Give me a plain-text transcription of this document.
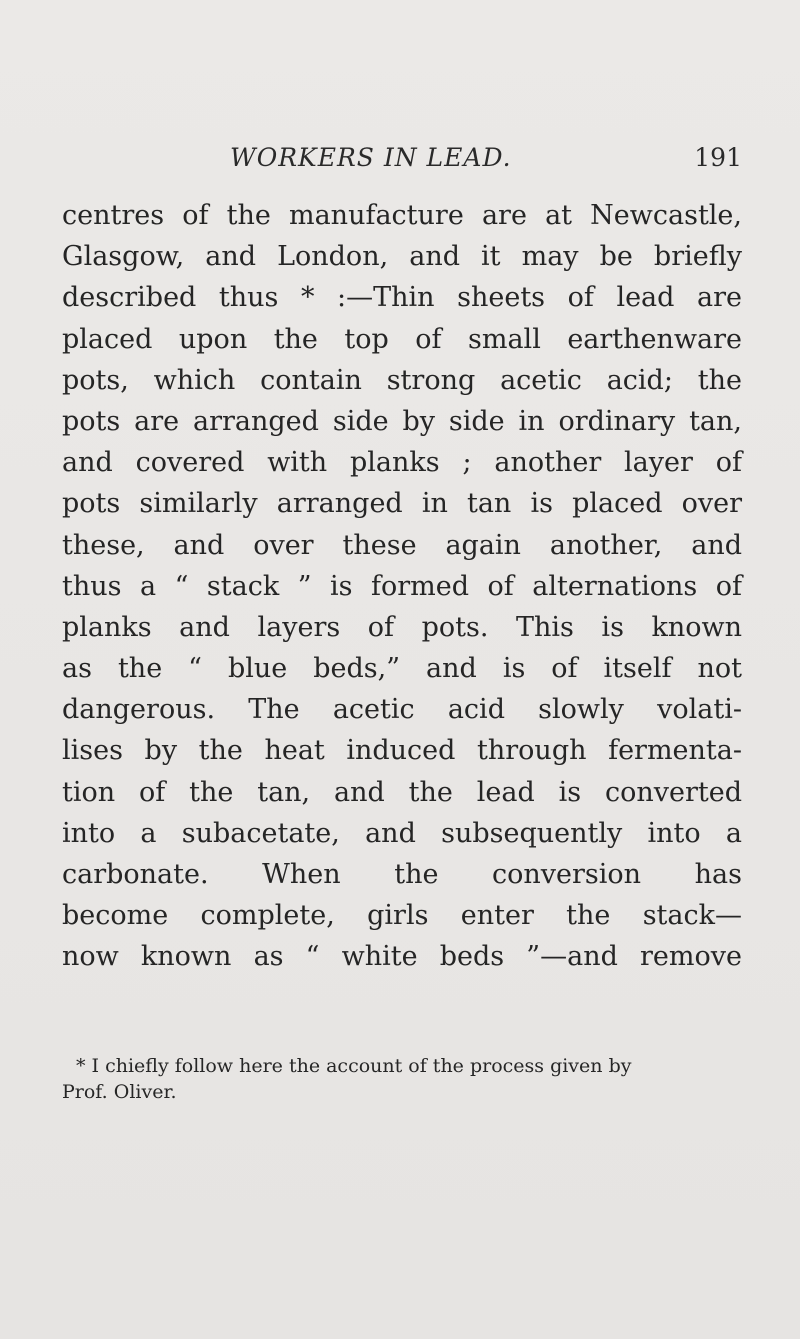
WORKERS IN LEAD.	191
centres of the manufacture are at Newcastle,
Glasgow, and London, and it may be briefly
described thus * :—Thin sheets of lead are
placed upon the top of small earthenware
pots, which contain strong acetic acid; the
pots are arranged side by side in ordinary tan,
and covered with planks ; another layer of
pots similarly arranged in tan is placed over
these, and over these again another, and
thus a “ stack ” is formed of alternations of
planks and layers of pots. This is known
as the “ blue beds,” and is of itself not
dangerous. The acetic acid slowly volati-
lises by the heat induced through fermenta-
tion of the tan, and the lead is converted
into a subacetate, and subsequently into a
carbonate. When the conversion has
become complete, girls enter the stack—
now known as “ white beds ”—and remove
* I chiefly follow here the account of the process given by
Prof. Oliver.
